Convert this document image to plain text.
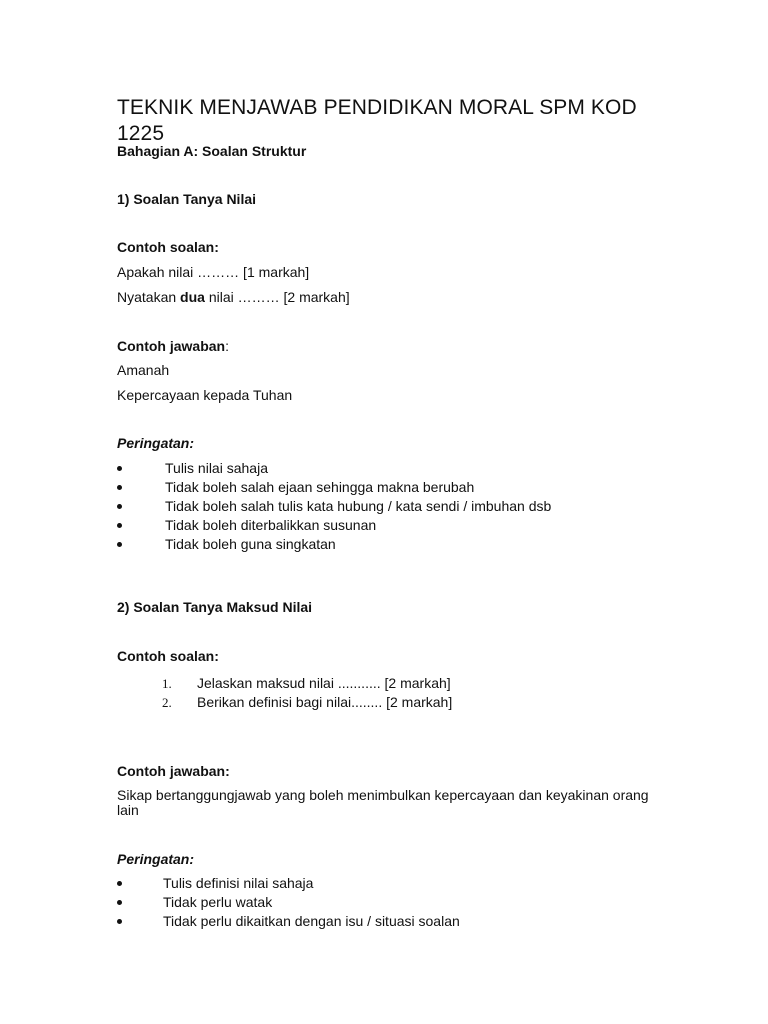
TEKNIK MENJAWAB PENDIDIKAN MORAL SPM KOD 1225
Bahagian A: Soalan Struktur
1) Soalan Tanya Nilai
Contoh soalan:
Apakah nilai ……… [1 markah]
Nyatakan dua nilai ……… [2 markah]
Contoh jawaban:
Amanah
Kepercayaan kepada Tuhan
Peringatan:
Tulis nilai sahaja
Tidak boleh salah ejaan sehingga makna berubah
Tidak boleh salah tulis kata hubung / kata sendi / imbuhan dsb
Tidak boleh diterbalikkan susunan
Tidak boleh guna singkatan
2) Soalan Tanya Maksud Nilai
Contoh soalan:
1. Jelaskan maksud nilai ........... [2 markah]
2. Berikan definisi bagi nilai........ [2 markah]
Contoh jawaban:
Sikap bertanggungjawab yang boleh menimbulkan kepercayaan dan keyakinan orang lain
Peringatan:
Tulis definisi nilai sahaja
Tidak perlu watak
Tidak perlu dikaitkan dengan isu / situasi soalan
